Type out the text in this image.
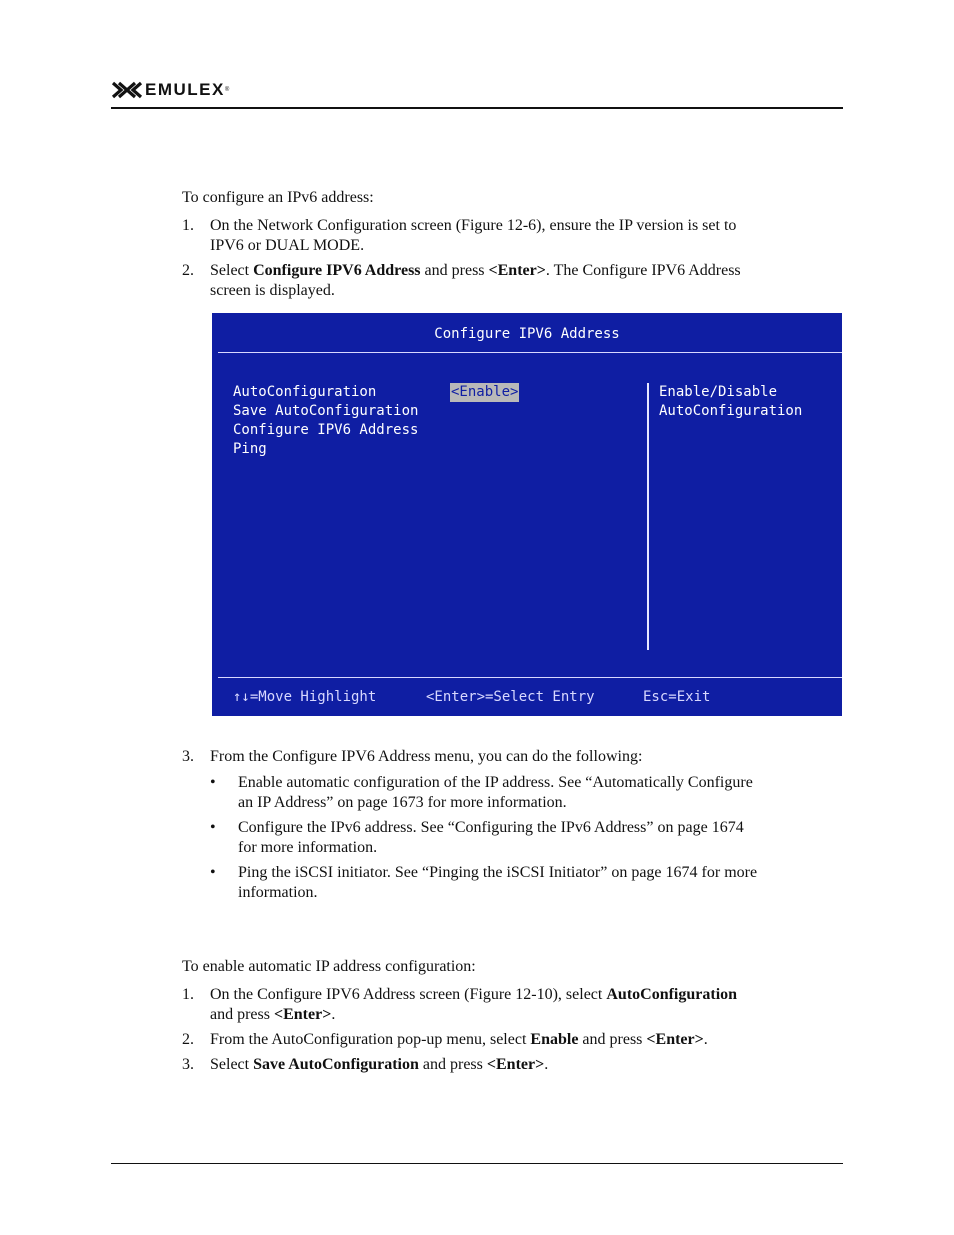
EMULEX ®
To configure an IPv6 address:
1. On the Network Configuration screen (Figure 12-6), ensure the IP version is set to
IPV6 or DUAL MODE.
2. Select Configure IPV6 Address and press <Enter>. The Configure IPV6 Address
screen is displayed.
Configure IPV6 Address
AutoConfiguration
Save AutoConfiguration
Configure IPV6 Address
Ping
<Enable>	Enable/Disable
AutoConfiguration
↑↓=Move Highlight	<Enter>=Select Entry	Esc=Exit
3. From the Configure IPV6 Address menu, you can do the following:
• Enable automatic configuration of the IP address. See “Automatically Configure
an IP Address” on page 1673 for more information.
• Configure the IPv6 address. See “Configuring the IPv6 Address” on page 1674
for more information.
• Ping the iSCSI initiator. See “Pinging the iSCSI Initiator” on page 1674 for more
information.
To enable automatic IP address configuration:
1. On the Configure IPV6 Address screen (Figure 12-10), select AutoConfiguration
and press <Enter>.
2. From the AutoConfiguration pop-up menu, select Enable and press <Enter>.
3. Select Save AutoConfiguration and press <Enter>.
